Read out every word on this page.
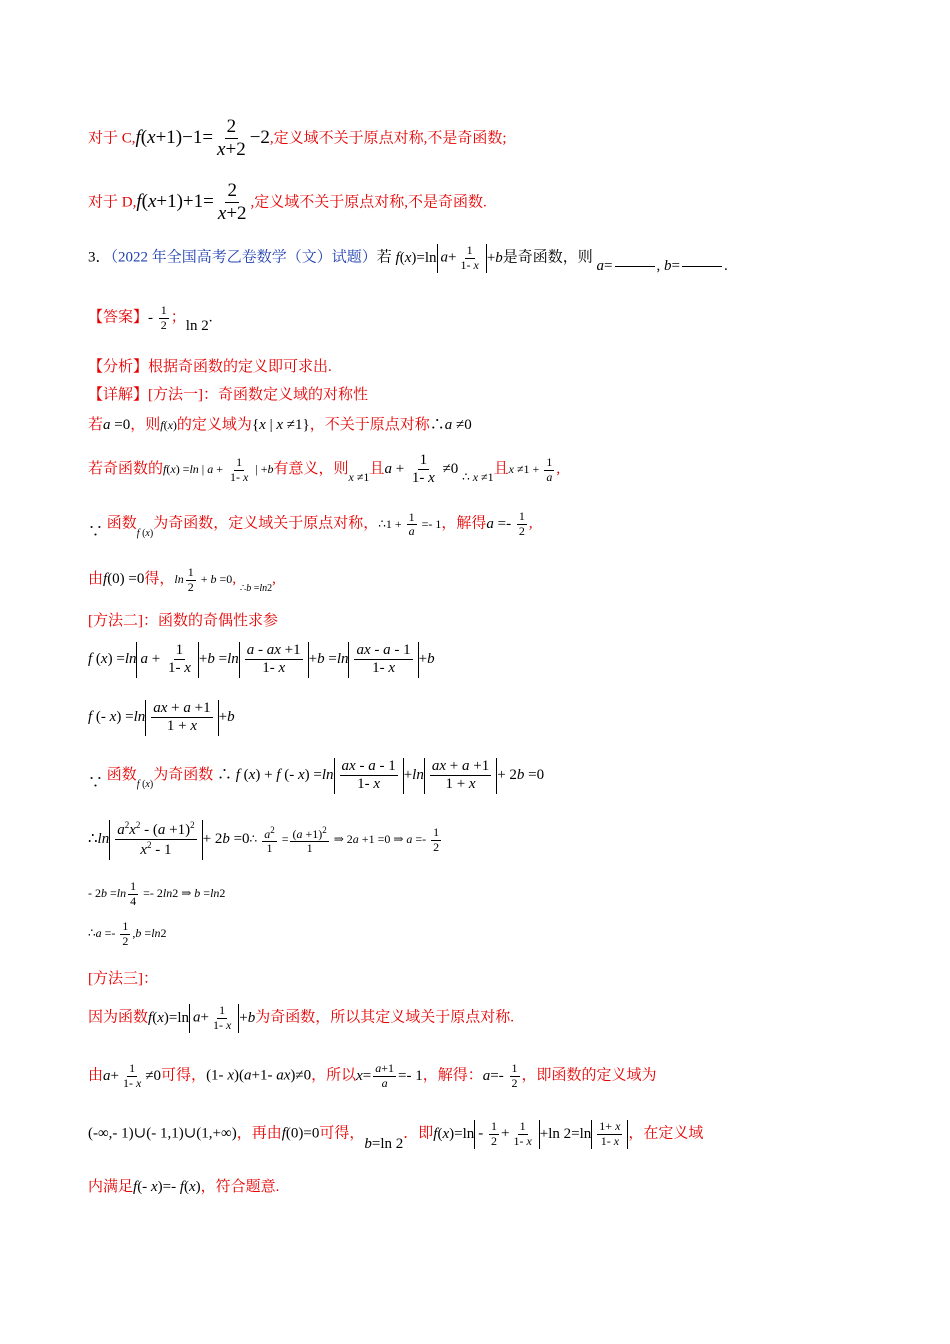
对于 $C,f(x+1)-1= \frac{2}{x+2} -2$,定义域不关于原点对称,不是奇函数;
对于 $D,f(x+1)+1= \frac{2}{x+2}$ ,定义域不关于原点对称,不是奇函数.
3．（2022 年全国高考乙卷数学（文）试题）若 f(x)=ln $a+ \frac{1}{1- x} +b$是奇函数，则 a=	, b=	.
【答案】- $\frac{1}{2}$ ；ln 2.
【分析】根据奇函数的定义即可求出.
【详解】[方法一]：奇函数定义域的对称性
若a =0，则f(x)的定义域为{x | x ≠1}，不关于原点对称∴a ≠0
若奇函数的f(x) =ln | $a + \frac{1}{1- x}$ | +b有意义，则$_{x \ne 1}$且$a + \frac{1}{1- x} \ne 0$ $_{\therefore x \ne 1}$且$x \ne 1 + \frac{1}{a}$ ,
∵ 函数$_{f (x)}$为奇函数，定义域关于原点对称，∴1 + $\frac{1}{a} =- 1$，解得$a =- \frac{1}{2}$ ,
由f(0) =0得，$\ln \frac{1}{2} + b =0$, $_{\therefore b =ln2}$,
[方法二]：函数的奇偶性求参
f (x) =ln $a + \frac{1}{1- x} +b =\ln \frac{a - ax +1}{1- x} +b =\ln \frac{ax - a - 1}{1- x} +b$
f (- $x) =\ln \frac{ax + a +1}{1 + x} +b$
∵ 函数$_{f (x)}$为奇函数 ∴ f (x) + f (- $x) =\ln \frac{ax - a - 1}{1- x} +\ln \frac{ax + a +1}{1 + x} + 2b =0$
∴ln $\frac{a^2x^2 - (a +1)^2}{x^2 - 1} + 2b$ =0∴ $\frac{a^2}{1} = \frac{(a +1)^2}{1}$ ⇒ 2a +1 =0 ⇒ $a =- \frac{1}{2}$
- $2b =\ln \frac{1}{4} =- 2\ln 2$ ⇒ b =ln2
∴a =- $\frac{1}{2} ,b =\ln 2$
[方法三]：
因为函数f(x)=ln $a+ \frac{1}{1- x} +b$为奇函数，所以其定义域关于原点对称.
由$a+ \frac{1}{1- x} \ne 0$可得，(1- x)(a+1- ax)≠0，所以$x= \frac{a+1}{a} =- 1$，解得：$a=- \frac{1}{2}$ ，即函数的定义域为
(-∞,- 1)∪(- 1,1)∪(1,+∞)，再由f(0)=0可得，b=ln 2．即$f(x)=\ln - \frac{1}{2} + \frac{1}{1- x} +\ln$ $2=\ln \frac{1+ x}{1- x}$ ，在定义域
内满足f(- x)=- f(x)，符合题意.
